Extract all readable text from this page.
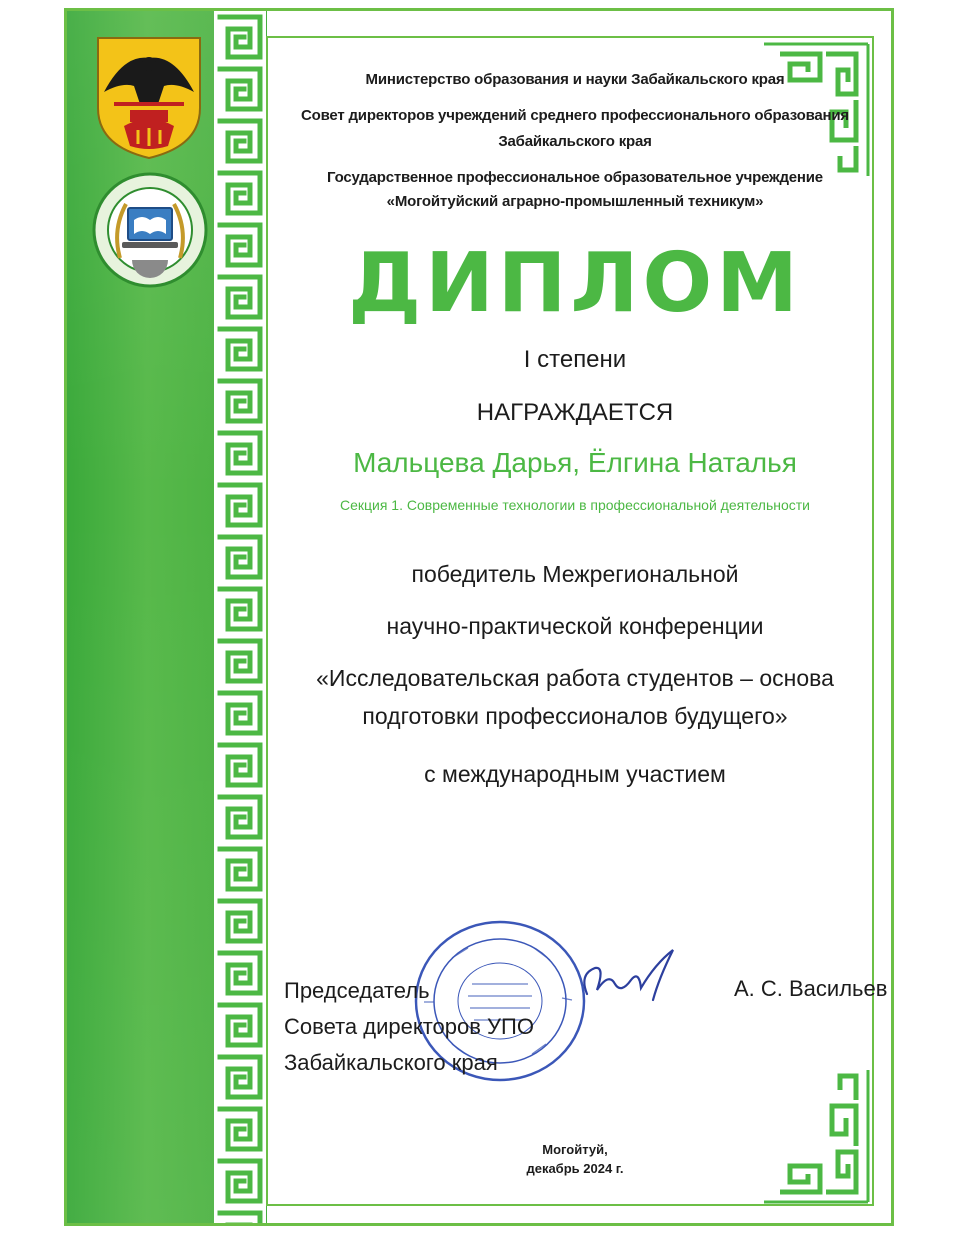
Министерство образования и науки Забайкальского края
Совет директоров учреждений среднего профессионального образования
Забайкальского края
Государственное профессиональное образовательное учреждение
«Могойтуйский аграрно-промышленный техникум»
ДИПЛОМ
I степени
НАГРАЖДАЕТСЯ
Мальцева Дарья, Ёлгина Наталья
Секция 1. Современные технологии в профессиональной деятельности
победитель Межрегиональной
научно-практической конференции
«Исследовательская работа студентов – основа
подготовки профессионалов будущего»
с международным участием
Председатель
Совета директоров УПО
Забайкальского края
А. С. Васильев
Могойтуй,
декабрь 2024 г.
